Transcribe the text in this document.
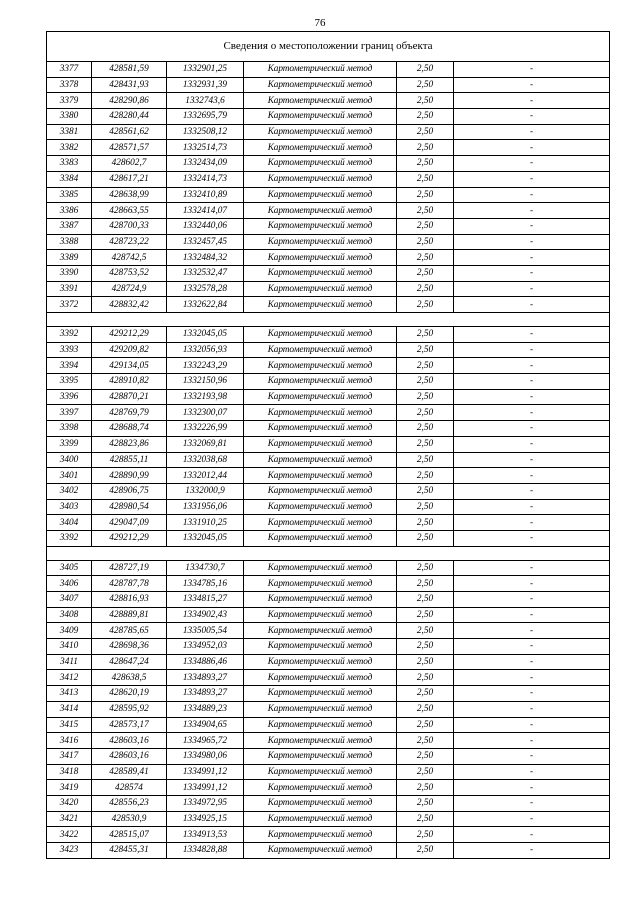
76
Сведения о местоположении границ объекта					
3377	428581,59	1332901,25	Картометрический метод	2,50	-
3378	428431,93	1332931,39	Картометрический метод	2,50	-
3379	428290,86	1332743,6	Картометрический метод	2,50	-
3380	428280,44	1332695,79	Картометрический метод	2,50	-
3381	428561,62	1332508,12	Картометрический метод	2,50	-
3382	428571,57	1332514,73	Картометрический метод	2,50	-
3383	428602,7	1332434,09	Картометрический метод	2,50	-
3384	428617,21	1332414,73	Картометрический метод	2,50	-
3385	428638,99	1332410,89	Картометрический метод	2,50	-
3386	428663,55	1332414,07	Картометрический метод	2,50	-
3387	428700,33	1332440,06	Картометрический метод	2,50	-
3388	428723,22	1332457,45	Картометрический метод	2,50	-
3389	428742,5	1332484,32	Картометрический метод	2,50	-
3390	428753,52	1332532,47	Картометрический метод	2,50	-
3391	428724,9	1332578,28	Картометрический метод	2,50	-
3372	428832,42	1332622,84	Картометрический метод	2,50	-

3392	429212,29	1332045,05	Картометрический метод	2,50	-
3393	429209,82	1332056,93	Картометрический метод	2,50	-
3394	429134,05	1332243,29	Картометрический метод	2,50	-
3395	428910,82	1332150,96	Картометрический метод	2,50	-
3396	428870,21	1332193,98	Картометрический метод	2,50	-
3397	428769,79	1332300,07	Картометрический метод	2,50	-
3398	428688,74	1332226,99	Картометрический метод	2,50	-
3399	428823,86	1332069,81	Картометрический метод	2,50	-
3400	428855,11	1332038,68	Картометрический метод	2,50	-
3401	428890,99	1332012,44	Картометрический метод	2,50	-
3402	428906,75	1332000,9	Картометрический метод	2,50	-
3403	428980,54	1331956,06	Картометрический метод	2,50	-
3404	429047,09	1331910,25	Картометрический метод	2,50	-
3392	429212,29	1332045,05	Картометрический метод	2,50	-

3405	428727,19	1334730,7	Картометрический метод	2,50	-
3406	428787,78	1334785,16	Картометрический метод	2,50	-
3407	428816,93	1334815,27	Картометрический метод	2,50	-
3408	428889,81	1334902,43	Картометрический метод	2,50	-
3409	428785,65	1335005,54	Картометрический метод	2,50	-
3410	428698,36	1334952,03	Картометрический метод	2,50	-
3411	428647,24	1334886,46	Картометрический метод	2,50	-
3412	428638,5	1334893,27	Картометрический метод	2,50	-
3413	428620,19	1334893,27	Картометрический метод	2,50	-
3414	428595,92	1334889,23	Картометрический метод	2,50	-
3415	428573,17	1334904,65	Картометрический метод	2,50	-
3416	428603,16	1334965,72	Картометрический метод	2,50	-
3417	428603,16	1334980,06	Картометрический метод	2,50	-
3418	428589,41	1334991,12	Картометрический метод	2,50	-
3419	428574	1334991,12	Картометрический метод	2,50	-
3420	428556,23	1334972,95	Картометрический метод	2,50	-
3421	428530,9	1334925,15	Картометрический метод	2,50	-
3422	428515,07	1334913,53	Картометрический метод	2,50	-
3423	428455,31	1334828,88	Картометрический метод	2,50	-
